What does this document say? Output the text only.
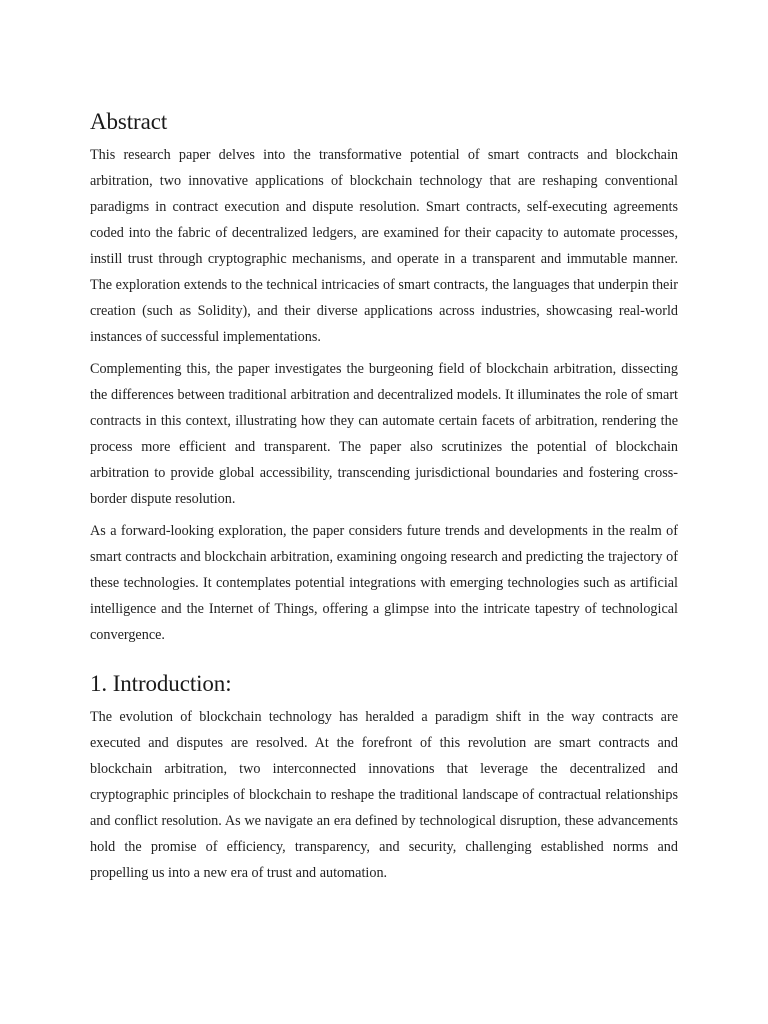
Abstract

This research paper delves into the transformative potential of smart contracts and blockchain arbitration, two innovative applications of blockchain technology that are reshaping conventional paradigms in contract execution and dispute resolution. Smart contracts, self-executing agreements coded into the fabric of decentralized ledgers, are examined for their capacity to automate processes, instill trust through cryptographic mechanisms, and operate in a transparent and immutable manner. The exploration extends to the technical intricacies of smart contracts, the languages that underpin their creation (such as Solidity), and their diverse applications across industries, showcasing real-world instances of successful implementations.

Complementing this, the paper investigates the burgeoning field of blockchain arbitration, dissecting the differences between traditional arbitration and decentralized models. It illuminates the role of smart contracts in this context, illustrating how they can automate certain facets of arbitration, rendering the process more efficient and transparent. The paper also scrutinizes the potential of blockchain arbitration to provide global accessibility, transcending jurisdictional boundaries and fostering cross-border dispute resolution.

As a forward-looking exploration, the paper considers future trends and developments in the realm of smart contracts and blockchain arbitration, examining ongoing research and predicting the trajectory of these technologies. It contemplates potential integrations with emerging technologies such as artificial intelligence and the Internet of Things, offering a glimpse into the intricate tapestry of technological convergence.

1. Introduction:

The evolution of blockchain technology has heralded a paradigm shift in the way contracts are executed and disputes are resolved. At the forefront of this revolution are smart contracts and blockchain arbitration, two interconnected innovations that leverage the decentralized and cryptographic principles of blockchain to reshape the traditional landscape of contractual relationships and conflict resolution. As we navigate an era defined by technological disruption, these advancements hold the promise of efficiency, transparency, and security, challenging established norms and propelling us into a new era of trust and automation.
